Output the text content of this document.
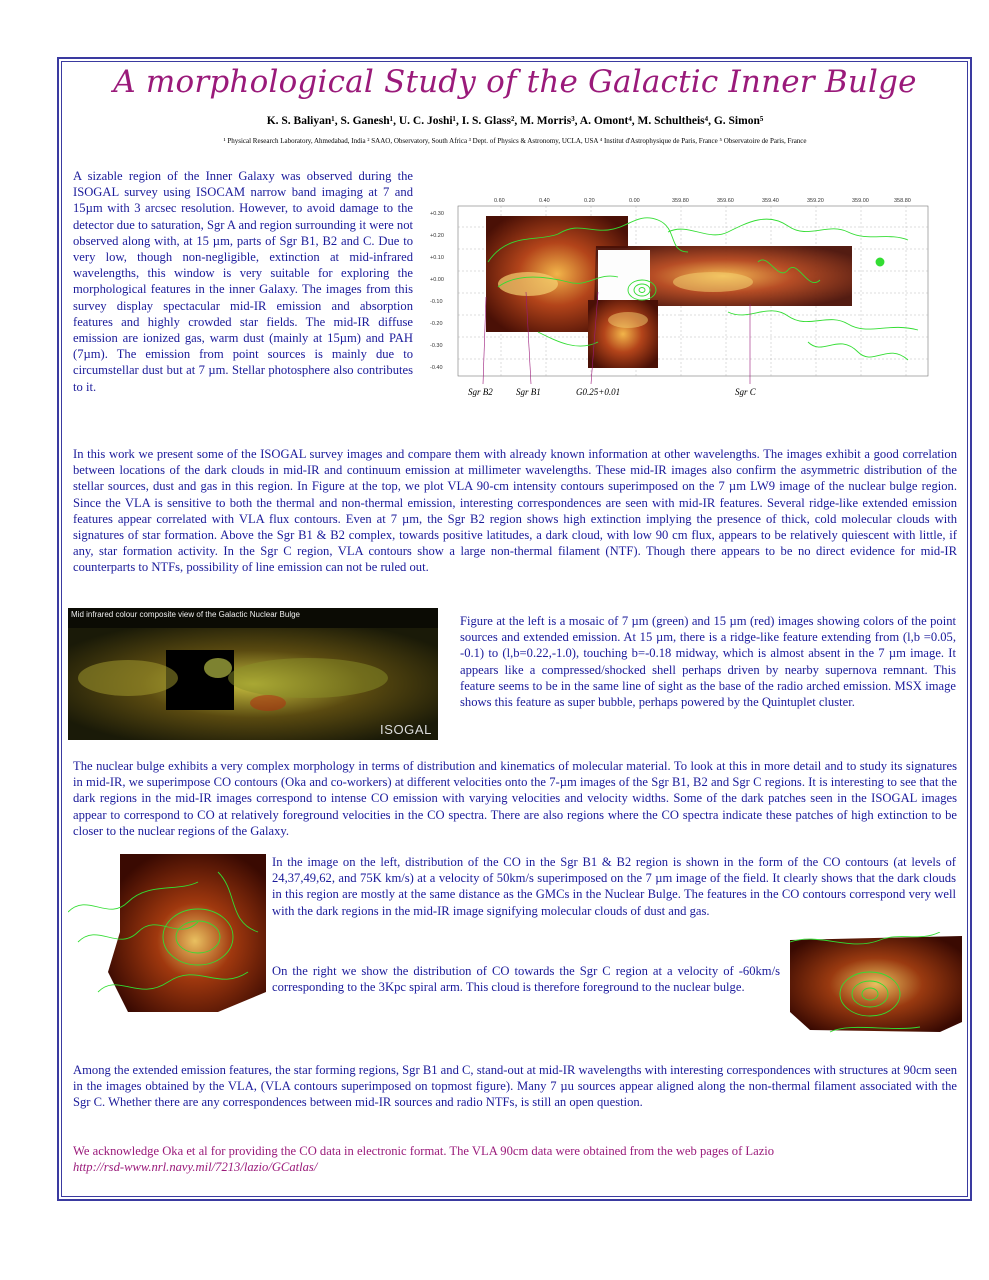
A morphological Study of the Galactic Inner Bulge
K. S. Baliyan¹, S. Ganesh¹, U. C. Joshi¹, I. S. Glass², M. Morris³, A. Omont⁴, M. Schultheis⁴, G. Simon⁵
¹ Physical Research Laboratory, Ahmedabad, India ² SAAO, Observatory, South Africa ³ Dept. of Physics & Astronomy, UCLA, USA ⁴ Institut d'Astrophysique de Paris, France ⁵ Observatoire de Paris, France
A sizable region of the Inner Galaxy was observed during the ISOGAL survey using ISOCAM narrow band imaging at 7 and 15µm with 3 arcsec resolution. However, to avoid damage to the detector due to saturation, Sgr A and region surrounding it were not observed along with, at 15 µm, parts of Sgr B1, B2 and C. Due to very low, though non-negligible, extinction at mid-infrared wavelengths, this window is very suitable for exploring the morphological features in the inner Galaxy. The images from this survey display spectacular mid-IR emission and absorption features and highly crowded star fields. The mid-IR diffuse emission are ionized gas, warm dust (mainly at 15µm) and PAH (7µm). The emission from point sources is mainly due to circumstellar dust but at 7 µm. Stellar photosphere also contributes to it.
0.60	0.40	0.20	0.00	359.80	359.60	359.40	359.20	359.00	358.80
+0.30
+0.20
+0.10
+0.00
-0.10
-0.20
-0.30
-0.40
Sgr B2	Sgr B1	G0.25+0.01	Sgr C
In this work we present some of the ISOGAL survey images and compare them with already known information at other wavelengths. The images exhibit a good correlation between locations of the dark clouds in mid-IR and continuum emission at millimeter wavelengths. These mid-IR images also confirm the asymmetric distribution of the stellar sources, dust and gas in this region. In Figure at the top, we plot VLA 90-cm intensity contours superimposed on the 7 µm LW9 image of the nuclear bulge region. Since the VLA is sensitive to both the thermal and non-thermal emission, interesting correspondences are seen with mid-IR features. Several ridge-like extended emission features appear correlated with VLA flux contours. Even at 7 µm, the Sgr B2 region shows high extinction implying the presence of thick, cold molecular clouds with signatures of star formation. Above the Sgr B1 & B2 complex, towards positive latitudes, a dark cloud, with low 90 cm flux, appears to be relatively quiescent with little, if any, star formation activity. In the Sgr C region, VLA contours show a large non-thermal filament (NTF). Though there appears to be no direct evidence for mid-IR counterparts to NTFs, possibility of line emission can not be ruled out.
Mid infrared colour composite view of the Galactic Nuclear Bulge
ISOGAL
Figure at the left is a mosaic of 7 µm (green) and 15 µm (red) images showing colors of the point sources and extended emission. At 15 µm, there is a ridge-like feature extending from (l,b =0.05, -0.1) to (l,b=0.22,-1.0), touching b=-0.18 midway, which is almost absent in the 7 µm image. It appears like a compressed/shocked shell perhaps driven by nearby supernova remnant. This feature seems to be in the same line of sight as the base of the radio arched emission. MSX image shows this feature as super bubble, perhaps powered by the Quintuplet cluster.
The nuclear bulge exhibits a very complex morphology in terms of distribution and kinematics of molecular material. To look at this in more detail and to study its signatures in mid-IR, we superimpose CO contours (Oka and co-workers) at different velocities onto the 7-µm images of the Sgr B1, B2 and Sgr C regions. It is interesting to see that the dark regions in the mid-IR images correspond to intense CO emission with varying velocities and velocity widths. Some of the dark patches seen in the ISOGAL images appear to correspond to CO at relatively foreground velocities in the CO spectra. There are also regions where the CO spectra indicate these patches of high extinction to be closer to the nuclear regions of the Galaxy.
In the image on the left, distribution of the CO in the Sgr B1 & B2 region is shown in the form of the CO contours (at levels of 24,37,49,62, and 75K km/s) at a velocity of 50km/s superimposed on the 7 µm image of the field. It clearly shows that the dark clouds in this region are mostly at the same distance as the GMCs in the Nuclear Bulge. The features in the CO contours correspond very well with the dark regions in the mid-IR image signifying molecular clouds of dust and gas.
On the right we show the distribution of CO towards the Sgr C region at a velocity of -60km/s corresponding to the 3Kpc spiral arm. This cloud is therefore foreground to the nuclear bulge.
Among the extended emission features, the star forming regions, Sgr B1 and C, stand-out at mid-IR wavelengths with interesting correspondences with structures at 90cm seen in the images obtained by the VLA, (VLA contours superimposed on topmost figure). Many 7 µu sources appear aligned along the non-thermal filament associated with the Sgr C. Whether there are any correspondences between mid-IR sources and radio NTFs, is still an open question.
We acknowledge Oka et al for providing the CO data in electronic format. The VLA 90cm data were obtained from the web pages of Lazio
http://rsd-www.nrl.navy.mil/7213/lazio/GCatlas/
